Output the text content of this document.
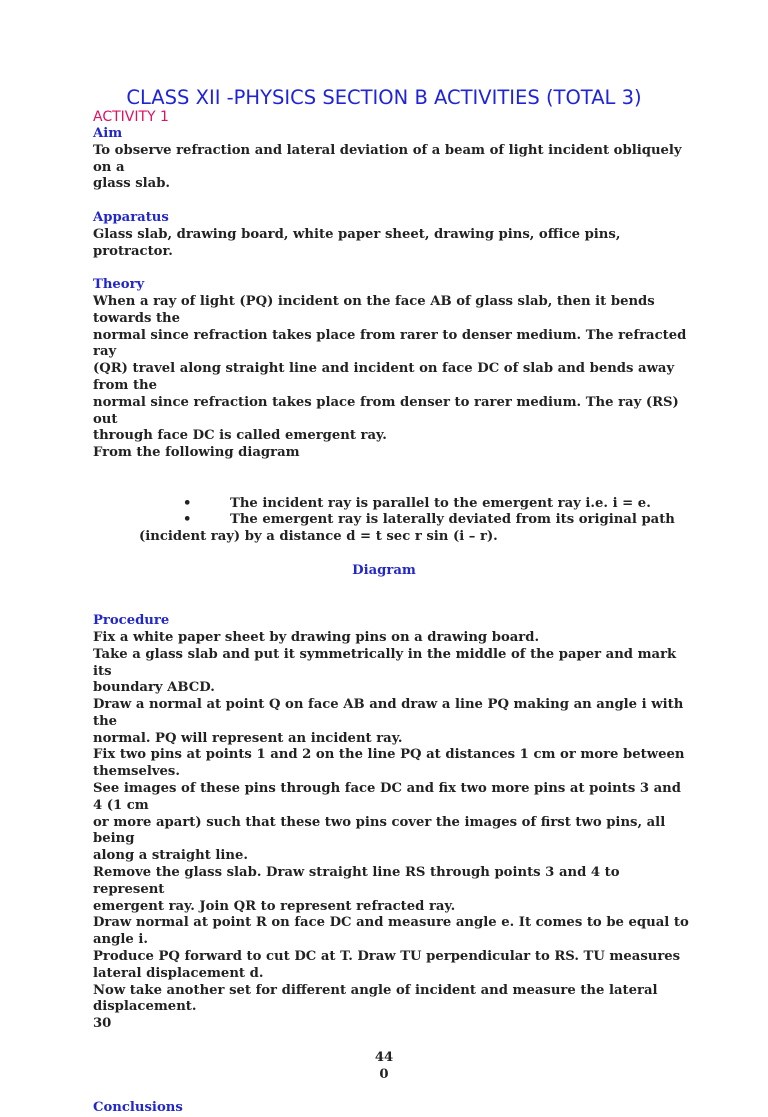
CLASS XII -PHYSICS SECTION B ACTIVITIES (TOTAL 3)
ACTIVITY 1

Aim

To observe refraction and lateral deviation of a beam of light incident obliquely on a

glass slab.

Apparatus

Glass slab, drawing board, white paper sheet, drawing pins, office pins, protractor.

Theory

When a ray of light (PQ) incident on the face AB of glass slab, then it bends towards the

normal since refraction takes place from rarer to denser medium. The refracted ray

(QR) travel along straight line and incident on face DC of slab and bends away from the

normal since refraction takes place from denser to rarer medium. The ray (RS) out

through face DC is called emergent ray.

From the following diagram

•	The incident ray is parallel to the emergent ray i.e. i = e.
•	The emergent ray is laterally deviated from its original path
(incident ray) by a distance d = t sec r sin (i – r).

Diagram

Procedure

Fix a white paper sheet by drawing pins on a drawing board.

Take a glass slab and put it symmetrically in the middle of the paper and mark its

boundary ABCD.

Draw a normal at point Q on face AB and draw a line PQ making an angle i with the

normal. PQ will represent an incident ray.

Fix two pins at points 1 and 2 on the line PQ at distances 1 cm or more between

themselves.

See images of these pins through face DC and fix two more pins at points 3 and 4 (1 cm

or more apart) such that these two pins cover the images of first two pins, all being

along a straight line.

Remove the glass slab. Draw straight line RS through points 3 and 4 to represent

emergent ray. Join QR to represent refracted ray.

Draw normal at point R on face DC and measure angle e. It comes to be equal to angle i.

Produce PQ forward to cut DC at T. Draw TU perpendicular to RS. TU measures

lateral displacement d.

Now take another set for different angle of incident and measure the lateral

displacement.

30

44

0

Conclusions
